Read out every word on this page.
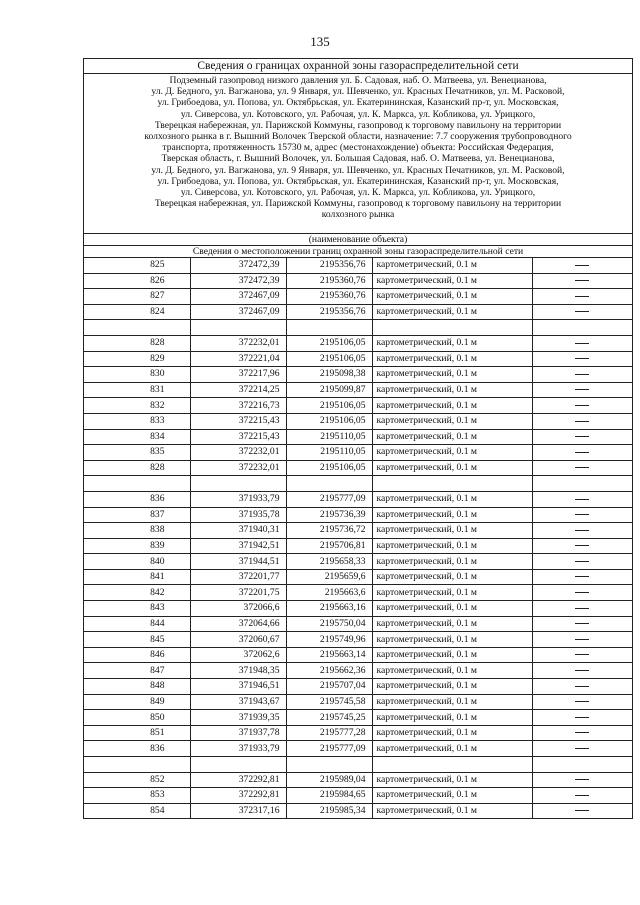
135
Сведения о границах охранной зоны газораспределительной сети
Подземный газопровод низкого давления ул. Б. Садовая, наб. О. Матвеева, ул. Венецианова,
ул. Д. Бедного, ул. Вагжанова, ул. 9 Января, ул. Шевченко, ул. Красных Печатников, ул. М. Расковой,
ул. Грибоедова, ул. Попова, ул. Октябрьская, ул. Екатерининская, Казанский пр-т, ул. Московская,
ул. Сиверсова, ул. Котовского, ул. Рабочая, ул. К. Маркса, ул. Кобликова, ул. Урицкого,
Тверецкая набережная, ул. Парижской Коммуны, газопровод к торговому павильону на территории
колхозного рынка в г. Вышний Волочек Тверской области, назначение: 7.7 сооружения трубопроводного
транспорта, протяженность 15730 м, адрес (местонахождение) объекта: Российская Федерация,
Тверская область, г. Вышний Волочек, ул. Большая Садовая, наб. О. Матвеева, ул. Венецианова,
ул. Д. Бедного, ул. Вагжанова, ул. 9 Января, ул. Шевченко, ул. Красных Печатников, ул. М. Расковой,
ул. Грибоедова, ул. Попова, ул. Октябрьская, ул. Екатерининская, Казанский пр-т, ул. Московская,
ул. Сиверсова, ул. Котовского, ул. Рабочая, ул. К. Маркса, ул. Кобликова, ул. Урицкого,
Тверецкая набережная, ул. Парижской Коммуны, газопровод к торговому павильону на территории
колхозного рынка
(наименование объекта)
Сведения о местоположении границ охранной зоны газораспределительной сети
825	372472,39	2195356,76	картометрический, 0.1 м	
826	372472,39	2195360,76	картометрический, 0.1 м	
827	372467,09	2195360,76	картометрический, 0.1 м	
824	372467,09	2195356,76	картометрический, 0.1 м	

828	372232,01	2195106,05	картометрический, 0.1 м	
829	372221,04	2195106,05	картометрический, 0.1 м	
830	372217,96	2195098,38	картометрический, 0.1 м	
831	372214,25	2195099,87	картометрический, 0.1 м	
832	372216,73	2195106,05	картометрический, 0.1 м	
833	372215,43	2195106,05	картометрический, 0.1 м	
834	372215,43	2195110,05	картометрический, 0.1 м	
835	372232,01	2195110,05	картометрический, 0.1 м	
828	372232,01	2195106,05	картометрический, 0.1 м	

836	371933,79	2195777,09	картометрический, 0.1 м	
837	371935,78	2195736,39	картометрический, 0.1 м	
838	371940,31	2195736,72	картометрический, 0.1 м	
839	371942,51	2195706,81	картометрический, 0.1 м	
840	371944,51	2195658,33	картометрический, 0.1 м	
841	372201,77	2195659,6	картометрический, 0.1 м	
842	372201,75	2195663,6	картометрический, 0.1 м	
843	372066,6	2195663,16	картометрический, 0.1 м	
844	372064,66	2195750,04	картометрический, 0.1 м	
845	372060,67	2195749,96	картометрический, 0.1 м	
846	372062,6	2195663,14	картометрический, 0.1 м	
847	371948,35	2195662,36	картометрический, 0.1 м	
848	371946,51	2195707,04	картометрический, 0.1 м	
849	371943,67	2195745,58	картометрический, 0.1 м	
850	371939,35	2195745,25	картометрический, 0.1 м	
851	371937,78	2195777,28	картометрический, 0.1 м	
836	371933,79	2195777,09	картометрический, 0.1 м	

852	372292,81	2195989,04	картометрический, 0.1 м	
853	372292,81	2195984,65	картометрический, 0.1 м	
854	372317,16	2195985,34	картометрический, 0.1 м	
